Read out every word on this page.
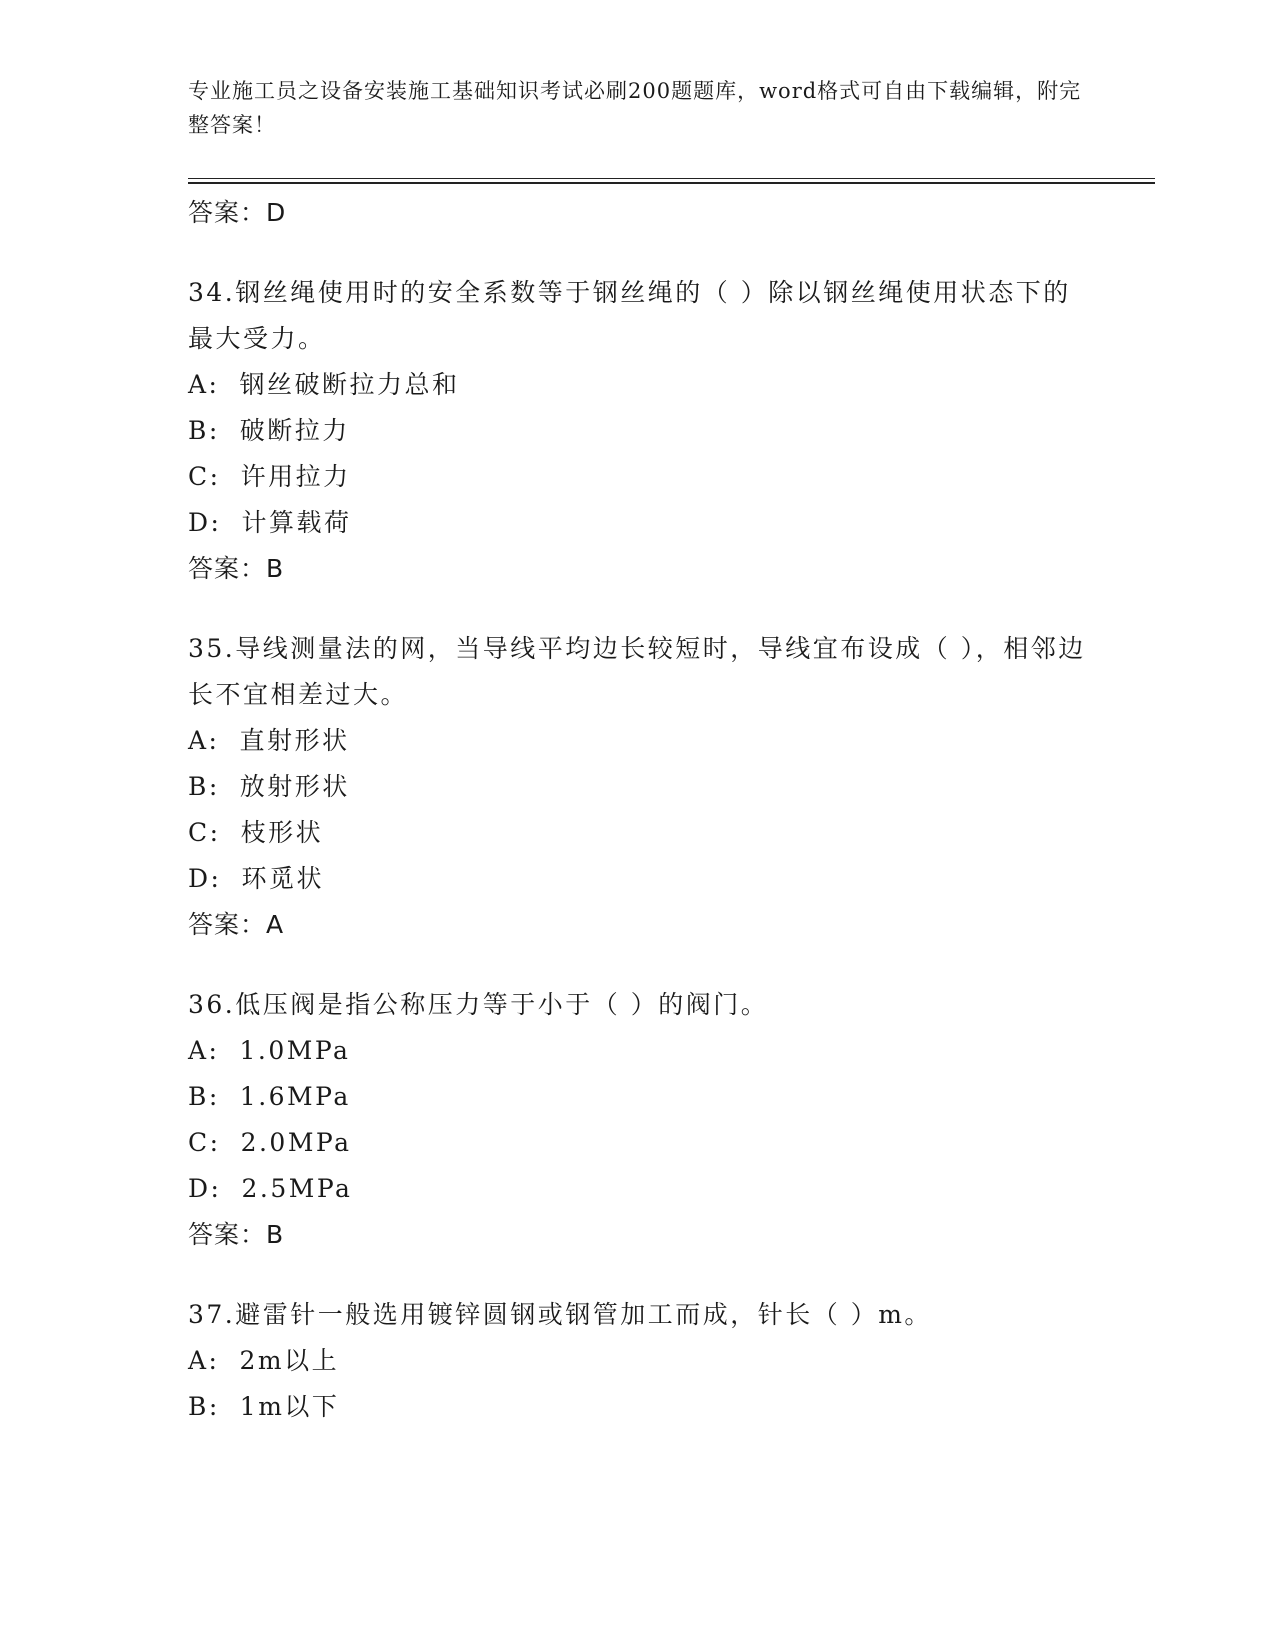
专业施工员之设备安装施工基础知识考试必刷200题题库，word格式可自由下载编辑，附完整答案！
答案：D
34.钢丝绳使用时的安全系数等于钢丝绳的（ ）除以钢丝绳使用状态下的最大受力。
A: 钢丝破断拉力总和
B: 破断拉力
C: 许用拉力
D: 计算载荷
答案：B
35.导线测量法的网，当导线平均边长较短时，导线宜布设成（ ），相邻边长不宜相差过大。
A: 直射形状
B: 放射形状
C: 枝形状
D: 环觅状
答案：A
36.低压阀是指公称压力等于小于（ ）的阀门。
A: 1.0MPa
B: 1.6MPa
C: 2.0MPa
D: 2.5MPa
答案：B
37.避雷针一般选用镀锌圆钢或钢管加工而成，针长（ ）m。
A: 2m以上
B: 1m以下
